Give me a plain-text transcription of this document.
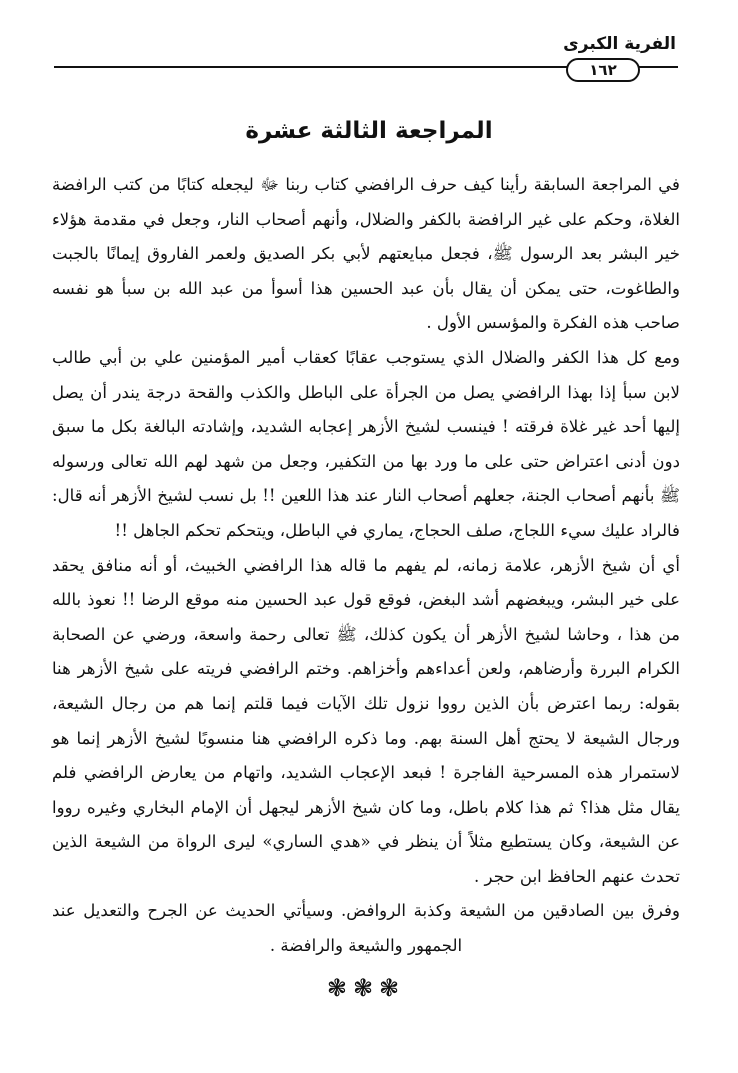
الفرية الكبرى
١٦٢
المراجعة الثالثة عشرة

في المراجعة السابقة رأينا كيف حرف الرافضي كتاب ربنا ﷻ ليجعله كتابًا من كتب الرافضة الغلاة، وحكم على غير الرافضة بالكفر والضلال، وأنهم أصحاب النار، وجعل في مقدمة هؤلاء خير البشر بعد الرسول ﷺ، فجعل مبايعتهم لأبي بكر الصديق ولعمر الفاروق إيمانًا بالجبت والطاغوت، حتى يمكن أن يقال بأن عبد الحسين هذا أسوأ من عبد الله بن سبأ هو نفسه صاحب هذه الفكرة والمؤسس الأول .

ومع كل هذا الكفر والضلال الذي يستوجب عقابًا كعقاب أمير المؤمنين علي بن أبي طالب لابن سبأ إذا بهذا الرافضي يصل من الجرأة على الباطل والكذب والقحة درجة يندر أن يصل إليها أحد غير غلاة فرقته ! فينسب لشيخ الأزهر إعجابه الشديد، وإشادته البالغة بكل ما سبق دون أدنى اعتراض حتى على ما ورد بها من التكفير، وجعل من شهد لهم الله تعالى ورسوله ﷺ بأنهم أصحاب الجنة، جعلهم أصحاب النار عند هذا اللعين !! بل نسب لشيخ الأزهر أنه قال: فالراد عليك سيء اللجاج، صلف الحجاج، يماري في الباطل، ويتحكم تحكم الجاهل !!

أي أن شيخ الأزهر، علامة زمانه، لم يفهم ما قاله هذا الرافضي الخبيث، أو أنه منافق يحقد على خير البشر، ويبغضهم أشد البغض، فوقع قول عبد الحسين منه موقع الرضا !! نعوذ بالله من هذا ، وحاشا لشيخ الأزهر أن يكون كذلك، ﷺ تعالى رحمة واسعة، ورضي عن الصحابة الكرام البررة وأرضاهم، ولعن أعداءهم وأخزاهم. وختم الرافضي فريته على شيخ الأزهر هنا بقوله: ربما اعترض بأن الذين رووا نزول تلك الآيات فيما قلتم إنما هم من رجال الشيعة، ورجال الشيعة لا يحتج أهل السنة بهم. وما ذكره الرافضي هنا منسوبًا لشيخ الأزهر إنما هو لاستمرار هذه المسرحية الفاجرة ! فبعد الإعجاب الشديد، واتهام من يعارض الرافضي فلم يقال مثل هذا؟ ثم هذا كلام باطل، وما كان شيخ الأزهر ليجهل أن الإمام البخاري وغيره رووا عن الشيعة، وكان يستطيع مثلاً أن ينظر في «هدي الساري» ليرى الرواة من الشيعة الذين تحدث عنهم الحافظ ابن حجر .

وفرق بين الصادقين من الشيعة وكذبة الروافض. وسيأتي الحديث عن الجرح والتعديل عند الجمهور والشيعة والرافضة .

❃❃❃
